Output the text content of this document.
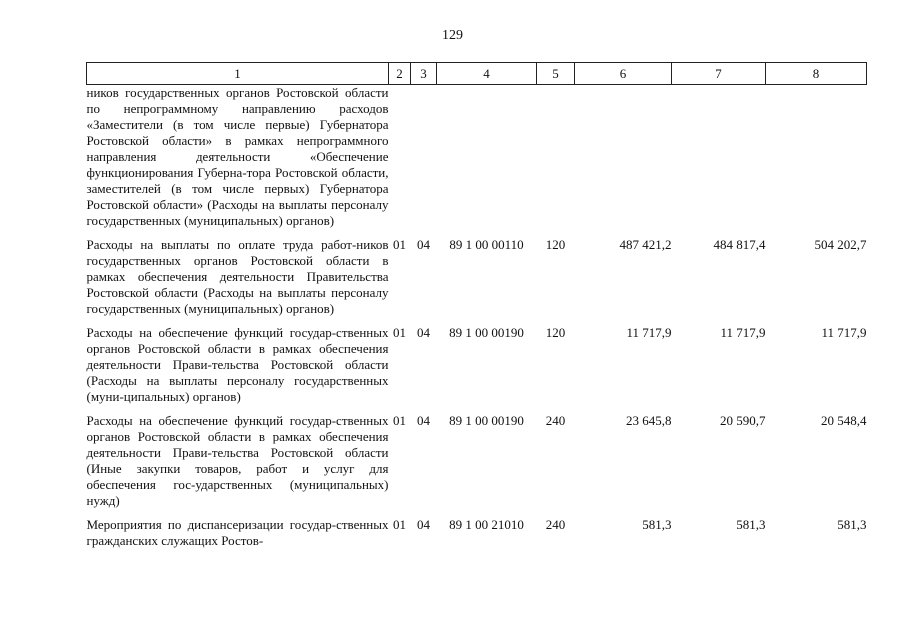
129
1	2	3	4	5	6	7	8
ников государственных органов Ростовской области по непрограммному направлению расходов «Заместители (в том числе первые) Губернатора Ростовской области» в рамках непрограммного направления деятельности «Обеспечение функционирования Губерна-тора Ростовской области, заместителей (в том числе первых) Губернатора Ростовской области» (Расходы на выплаты персоналу государственных (муниципальных) органов)							
Расходы на выплаты по оплате труда работ-ников государственных органов Ростовской области в рамках обеспечения деятельности Правительства Ростовской области (Расходы на выплаты персоналу государственных (муниципальных) органов)	01	04	89 1 00 00110	120	487 421,2	484 817,4	504 202,7
Расходы на обеспечение функций государ-ственных органов Ростовской области в рамках обеспечения деятельности Прави-тельства Ростовской области (Расходы на выплаты персоналу государственных (муни-ципальных) органов)	01	04	89 1 00 00190	120	11 717,9	11 717,9	11 717,9
Расходы на обеспечение функций государ-ственных органов Ростовской области в рамках обеспечения деятельности Прави-тельства Ростовской области (Иные закупки товаров, работ и услуг для обеспечения гос-ударственных (муниципальных) нужд)	01	04	89 1 00 00190	240	23 645,8	20 590,7	20 548,4
Мероприятия по диспансеризации государ-ственных гражданских служащих Ростов-	01	04	89 1 00 21010	240	581,3	581,3	581,3
